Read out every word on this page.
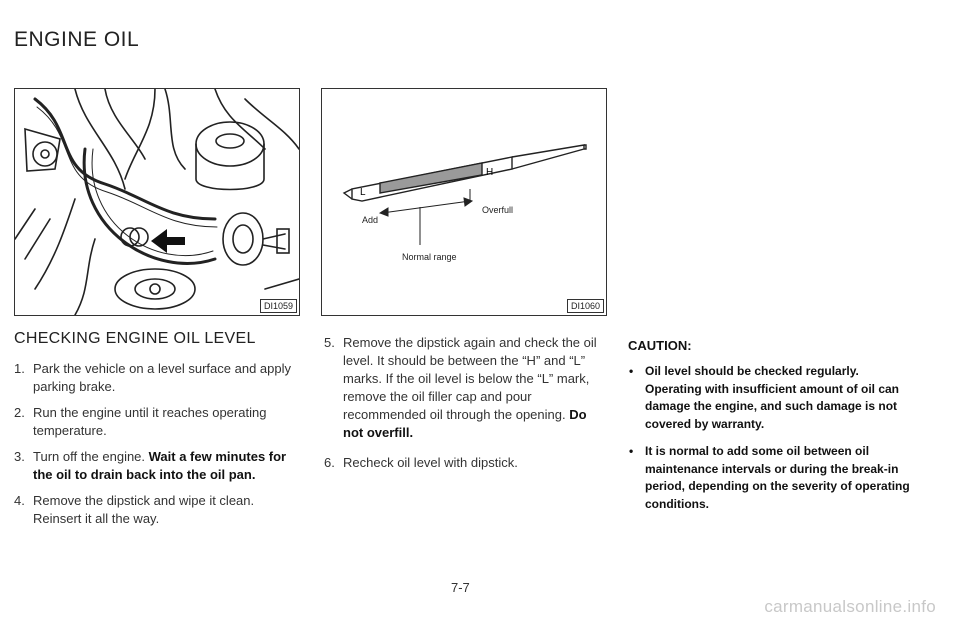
ENGINE OIL
DI1059
L
H
Add
Overfull
Normal range
DI1060
CHECKING ENGINE OIL LEVEL
1. Park the vehicle on a level surface and apply parking brake.
2. Run the engine until it reaches operating temperature.
3. Turn off the engine. Wait a few minutes for the oil to drain back into the oil pan.
4. Remove the dipstick and wipe it clean. Reinsert it all the way.
5. Remove the dipstick again and check the oil level. It should be between the “H” and “L” marks. If the oil level is below the “L” mark, remove the oil filler cap and pour recommended oil through the opening. Do not overfill.
6. Recheck oil level with dipstick.
CAUTION:
• Oil level should be checked regularly. Operating with insufficient amount of oil can damage the engine, and such damage is not covered by warranty.
• It is normal to add some oil between oil maintenance intervals or during the break-in period, depending on the severity of operating conditions.
7-7
carmanualsonline.info
